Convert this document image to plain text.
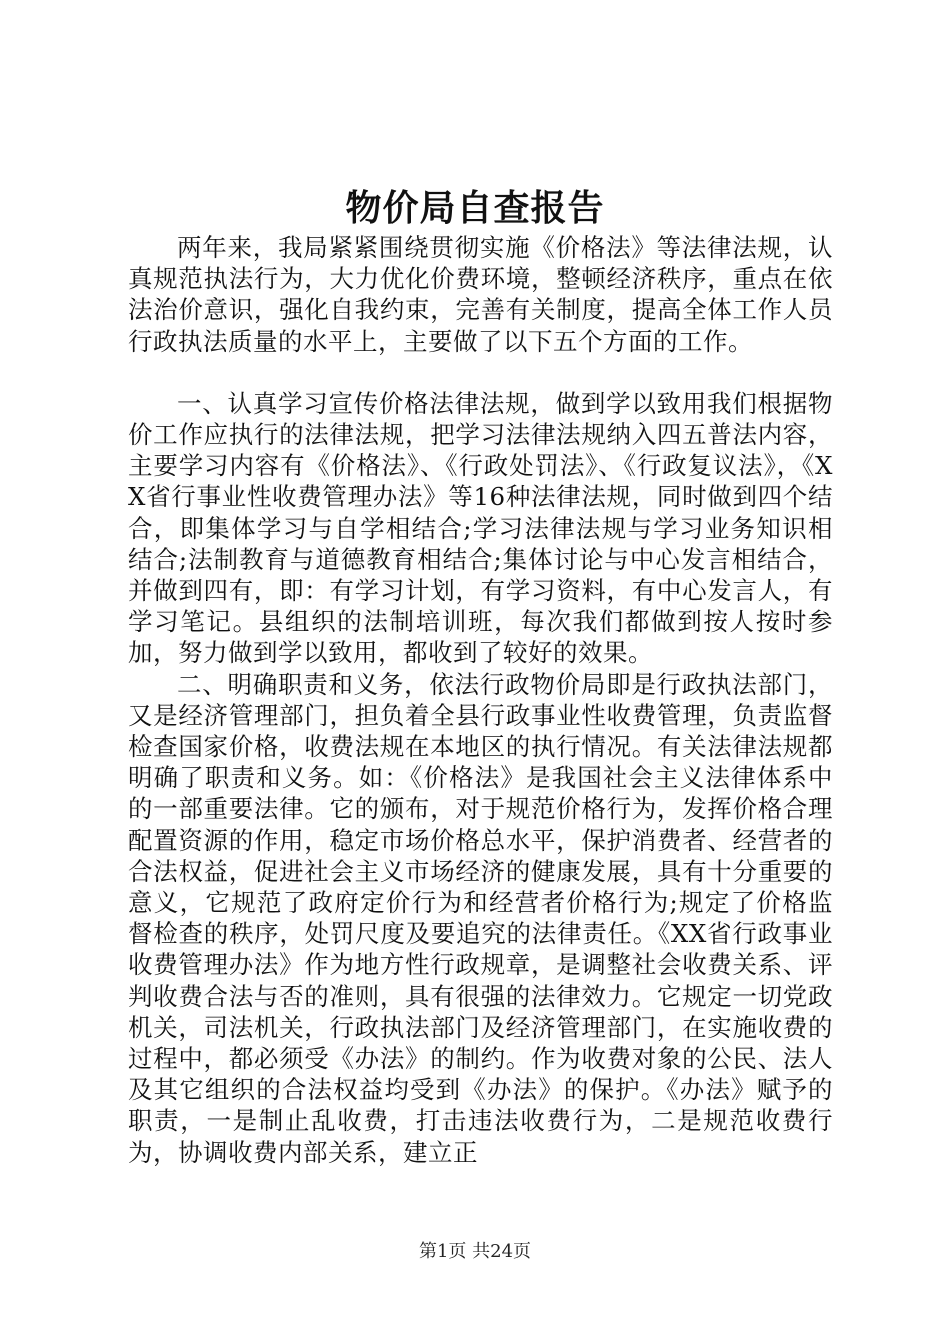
物价局自查报告

两年来，我局紧紧围绕贯彻实施《价格法》等法律法规，认真规范执法行为，大力优化价费环境，整顿经济秩序，重点在依法治价意识，强化自我约束，完善有关制度，提高全体工作人员行政执法质量的水平上，主要做了以下五个方面的工作。

一、认真学习宣传价格法律法规，做到学以致用我们根据物价工作应执行的法律法规，把学习法律法规纳入四五普法内容，主要学习内容有《价格法》、《行政处罚法》、《行政复议法》，《XX省行事业性收费管理办法》等16种法律法规，同时做到四个结合，即集体学习与自学相结合;学习法律法规与学习业务知识相结合;法制教育与道德教育相结合;集体讨论与中心发言相结合，并做到四有，即：有学习计划，有学习资料，有中心发言人，有学习笔记。县组织的法制培训班，每次我们都做到按人按时参加，努力做到学以致用，都收到了较好的效果。

二、明确职责和义务，依法行政物价局即是行政执法部门，又是经济管理部门，担负着全县行政事业性收费管理，负责监督检查国家价格，收费法规在本地区的执行情况。有关法律法规都明确了职责和义务。如：《价格法》是我国社会主义法律体系中的一部重要法律。它的颁布，对于规范价格行为，发挥价格合理配置资源的作用，稳定市场价格总水平，保护消费者、经营者的合法权益，促进社会主义市场经济的健康发展，具有十分重要的意义，它规范了政府定价行为和经营者价格行为;规定了价格监督检查的秩序，处罚尺度及要追究的法律责任。《XX省行政事业收费管理办法》作为地方性行政规章，是调整社会收费关系、评判收费合法与否的准则，具有很强的法律效力。它规定一切党政机关，司法机关，行政执法部门及经济管理部门，在实施收费的过程中，都必须受《办法》的制约。作为收费对象的公民、法人及其它组织的合法权益均受到《办法》的保护。《办法》赋予的职责，一是制止乱收费，打击违法收费行为，二是规范收费行为，协调收费内部关系，建立正

第1页 共24页
